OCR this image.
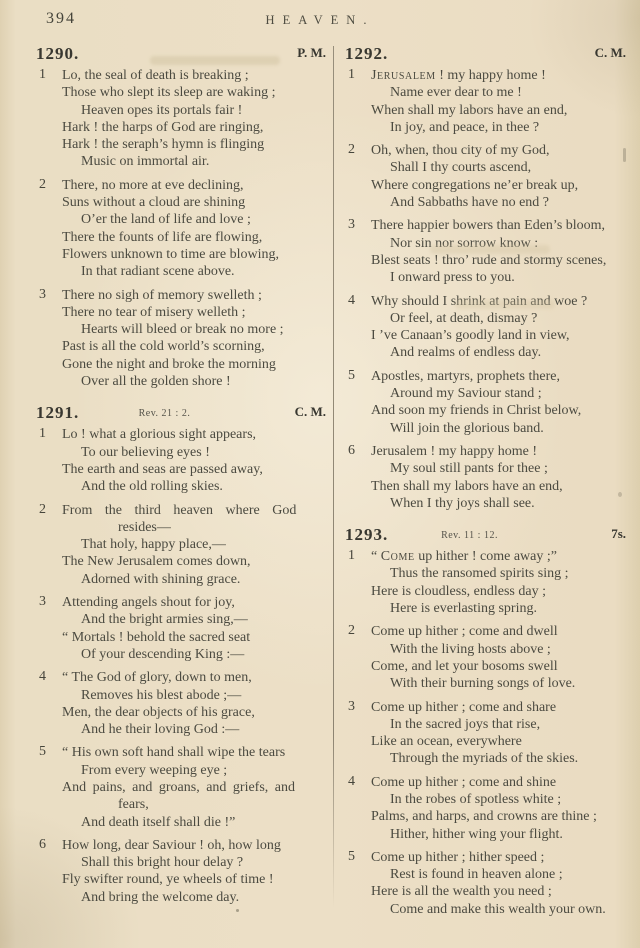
394	HEAVEN.
1290.	P. M.
1 Lo, the seal of death is breaking ;
Those who slept its sleep are waking ;
Heaven opes its portals fair !
Hark ! the harps of God are ringing,
Hark ! the seraph’s hymn is flinging
Music on immortal air.
2 There, no more at eve declining,
Suns without a cloud are shining
O’er the land of life and love ;
There the founts of life are flowing,
Flowers unknown to time are blowing,
In that radiant scene above.
3 There no sigh of memory swelleth ;
There no tear of misery welleth ;
Hearts will bleed or break no more ;
Past is all the cold world’s scorning,
Gone the night and broke the morning
Over all the golden shore !
1291.	Rev. 21 : 2.	C. M.
1 Lo ! what a glorious sight appears,
To our believing eyes !
The earth and seas are passed away,
And the old rolling skies.
2 From the third heaven where God
resides—
That holy, happy place,—
The New Jerusalem comes down,
Adorned with shining grace.
3 Attending angels shout for joy,
And the bright armies sing,—
“ Mortals ! behold the sacred seat
Of your descending King :—
4 “ The God of glory, down to men,
Removes his blest abode ;—
Men, the dear objects of his grace,
And he their loving God :—
5 “ His own soft hand shall wipe the tears
From every weeping eye ;
And pains, and groans, and griefs, and
fears,
And death itself shall die !”
6 How long, dear Saviour ! oh, how long
Shall this bright hour delay ?
Fly swifter round, ye wheels of time !
And bring the welcome day.
1292.	C. M.
1 Jerusalem ! my happy home !
Name ever dear to me !
When shall my labors have an end,
In joy, and peace, in thee ?
2 Oh, when, thou city of my God,
Shall I thy courts ascend,
Where congregations ne’er break up,
And Sabbaths have no end ?
3 There happier bowers than Eden’s bloom,
Nor sin nor sorrow know :
Blest seats ! thro’ rude and stormy scenes,
I onward press to you.
4 Why should I shrink at pain and woe ?
Or feel, at death, dismay ?
I ’ve Canaan’s goodly land in view,
And realms of endless day.
5 Apostles, martyrs, prophets there,
Around my Saviour stand ;
And soon my friends in Christ below,
Will join the glorious band.
6 Jerusalem ! my happy home !
My soul still pants for thee ;
Then shall my labors have an end,
When I thy joys shall see.
1293.	Rev. 11 : 12.	7s.
1 “ Come up hither ! come away ;”
Thus the ransomed spirits sing ;
Here is cloudless, endless day ;
Here is everlasting spring.
2 Come up hither ; come and dwell
With the living hosts above ;
Come, and let your bosoms swell
With their burning songs of love.
3 Come up hither ; come and share
In the sacred joys that rise,
Like an ocean, everywhere
Through the myriads of the skies.
4 Come up hither ; come and shine
In the robes of spotless white ;
Palms, and harps, and crowns are thine ;
Hither, hither wing your flight.
5 Come up hither ; hither speed ;
Rest is found in heaven alone ;
Here is all the wealth you need ;
Come and make this wealth your own.
